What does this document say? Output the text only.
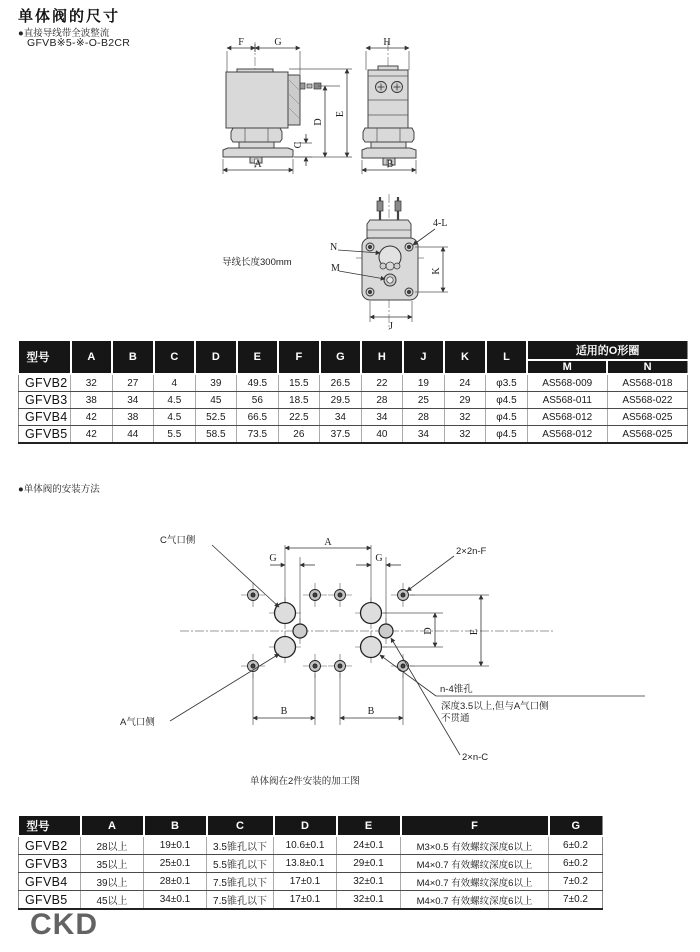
单体阀的尺寸
●直接导线带全波整流
GFVB※5-※-O-B2CR	F	G
A
C
D
E
H
B
导线长度300mm
N
M
4-L
K
J
型号	A	B	C	D	E	F	G	H	J	K	L	适用的O形圈	
												M	N
GFVB2	32	27	4	39	49.5	15.5	26.5	22	19	24	φ3.5	AS568-009	AS568-018
GFVB3	38	34	4.5	45	56	18.5	29.5	28	25	29	φ4.5	AS568-011	AS568-022
GFVB4	42	38	4.5	52.5	66.5	22.5	34	34	28	32	φ4.5	AS568-012	AS568-025
GFVB5	42	44	5.5	58.5	73.5	26	37.5	40	34	32	φ4.5	AS568-012	AS568-025
●单体阀的安装方法
A
G	G
D	E
B	B
C气口侧
2×2n-F
A气口侧
n-4锥孔
深度3.5以上,但与A气口侧
不贯通
2×n-C
单体阀在2件安装的加工图
型号	A	B	C	D	E	F	G
GFVB2	28以上	19±0.1	3.5锥孔以下	10.6±0.1	24±0.1	M3×0.5 有效螺纹深度6以上	6±0.2
GFVB3	35以上	25±0.1	5.5锥孔以下	13.8±0.1	29±0.1	M4×0.7 有效螺纹深度6以上	6±0.2
GFVB4	39以上	28±0.1	7.5锥孔以下	17±0.1	32±0.1	M4×0.7 有效螺纹深度6以上	7±0.2
GFVB5	45以上	34±0.1	7.5锥孔以下	17±0.1	32±0.1	M4×0.7 有效螺纹深度6以上	7±0.2
CKD
